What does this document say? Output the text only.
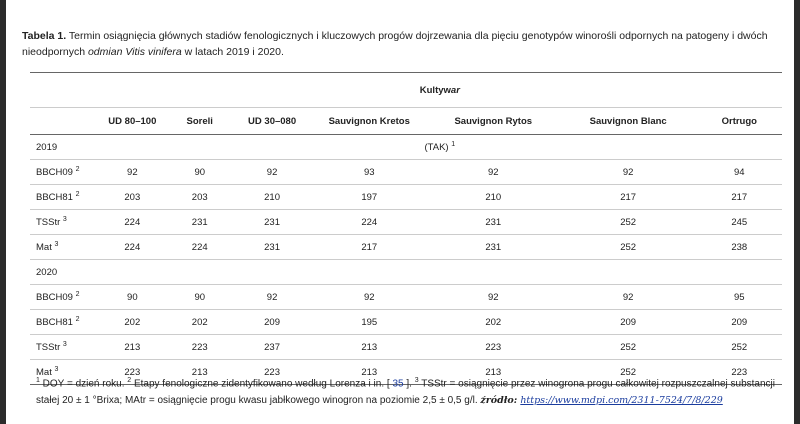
Tabela 1. Termin osiągnięcia głównych stadiów fenologicznych i kluczowych progów dojrzewania dla pięciu genotypów winorośli odpornych na patogeny i dwóch nieodpornych odmian Vitis vinifera w latach 2019 i 2020.
	Kultywar						
	UD 80–100	Soreli	UD 30–080	Sauvignon Kretos	Sauvignon Rytos	Sauvignon Blanc	Ortrugo
2019	(TAK) $^1$
BBCH09 $^2$	92	90	92	93	92	92	94
BBCH81 $^2$	203	203	210	197	210	217	217
TSStr $^3$	224	231	231	224	231	252	245
Mat $^3$	224	224	231	217	231	252	238
2020							
BBCH09 $^2$	90	90	92	92	92	92	95
BBCH81 $^2$	202	202	209	195	202	209	209
TSStr $^3$	213	223	237	213	223	252	252
Mat $^3$	223	213	223	213	213	252	223
$^1$ DOY = dzień roku. $^2$ Etapy fenologiczne zidentyfikowano według Lorenza i in. [ 35 ]. $^3$ TSStr = osiągnięcie przez winogrona progu całkowitej rozpuszczalnej substancji stałej 20 ± 1 °Brixa; MAtr = osiągnięcie progu kwasu jabłkowego winogron na poziomie 2,5 ± 0,5 g/l. źródło: https://www.mdpi.com/2311-7524/7/8/229
